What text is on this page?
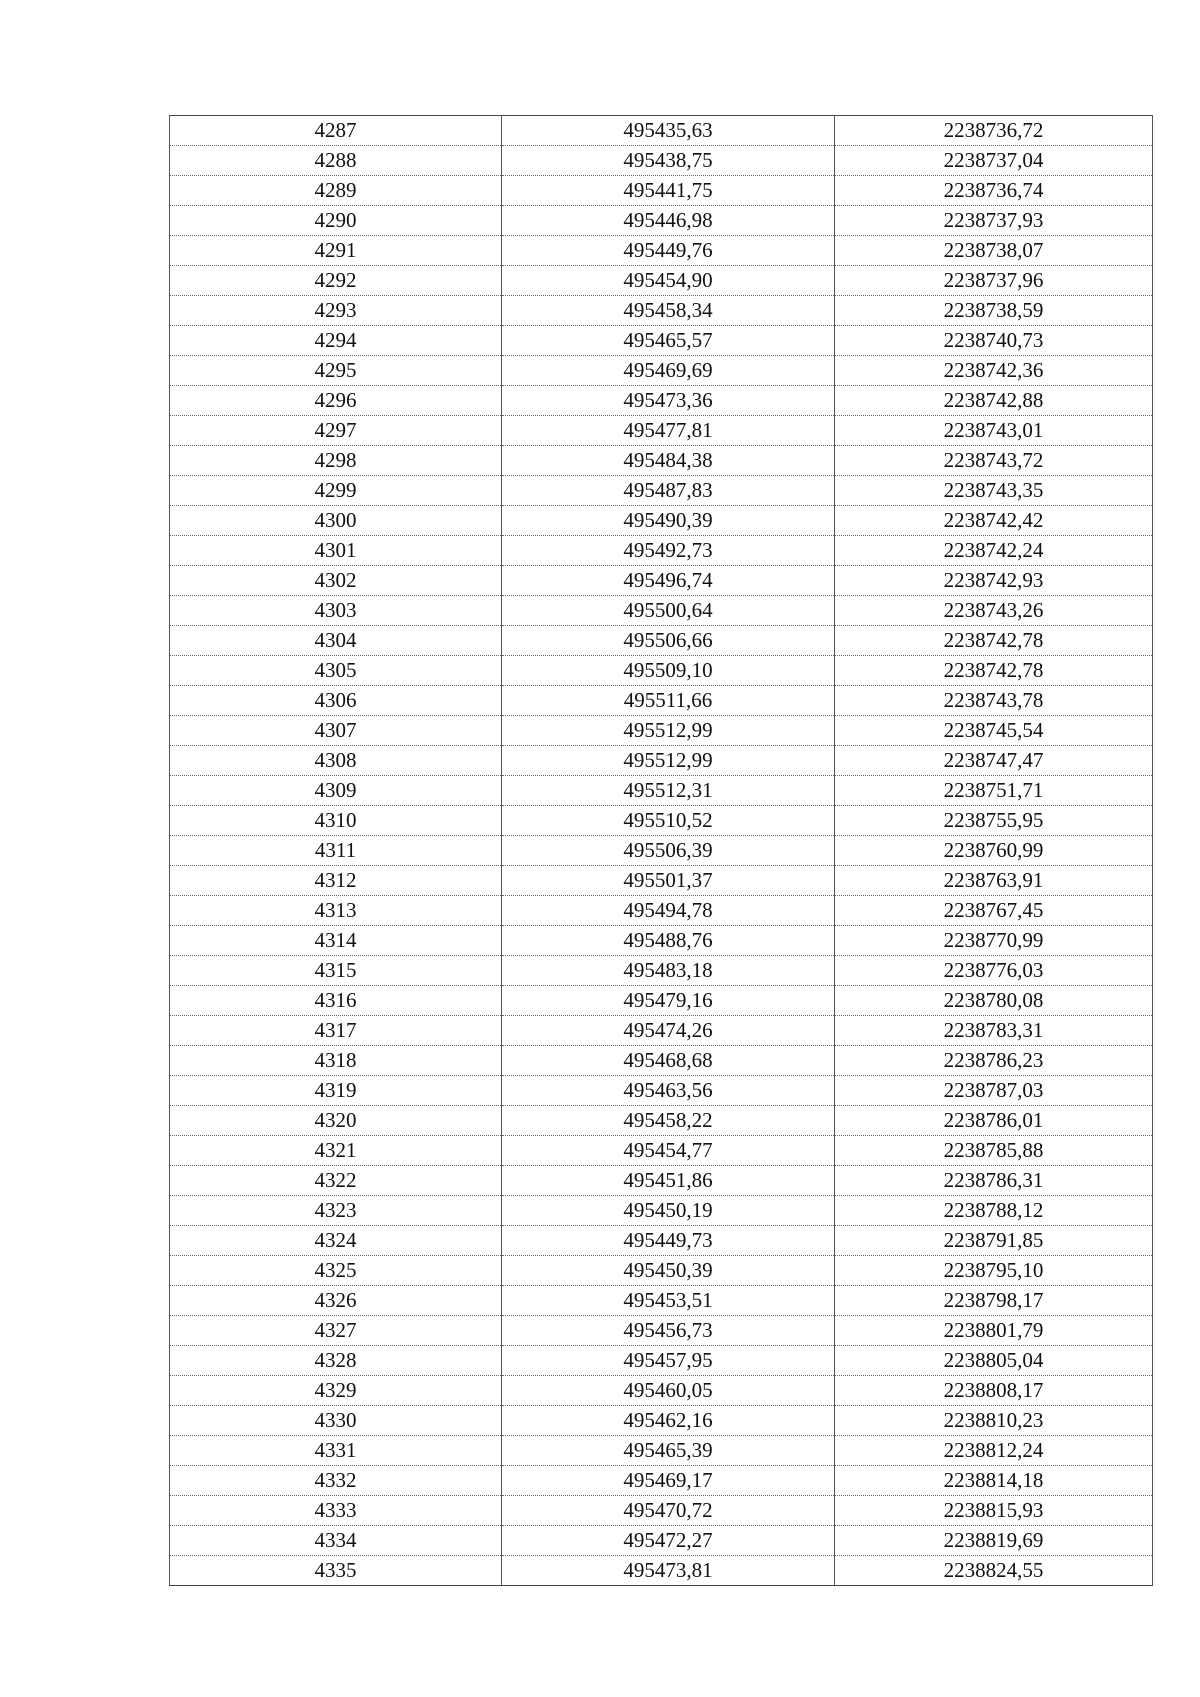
4287	495435,63	2238736,72
4288	495438,75	2238737,04
4289	495441,75	2238736,74
4290	495446,98	2238737,93
4291	495449,76	2238738,07
4292	495454,90	2238737,96
4293	495458,34	2238738,59
4294	495465,57	2238740,73
4295	495469,69	2238742,36
4296	495473,36	2238742,88
4297	495477,81	2238743,01
4298	495484,38	2238743,72
4299	495487,83	2238743,35
4300	495490,39	2238742,42
4301	495492,73	2238742,24
4302	495496,74	2238742,93
4303	495500,64	2238743,26
4304	495506,66	2238742,78
4305	495509,10	2238742,78
4306	495511,66	2238743,78
4307	495512,99	2238745,54
4308	495512,99	2238747,47
4309	495512,31	2238751,71
4310	495510,52	2238755,95
4311	495506,39	2238760,99
4312	495501,37	2238763,91
4313	495494,78	2238767,45
4314	495488,76	2238770,99
4315	495483,18	2238776,03
4316	495479,16	2238780,08
4317	495474,26	2238783,31
4318	495468,68	2238786,23
4319	495463,56	2238787,03
4320	495458,22	2238786,01
4321	495454,77	2238785,88
4322	495451,86	2238786,31
4323	495450,19	2238788,12
4324	495449,73	2238791,85
4325	495450,39	2238795,10
4326	495453,51	2238798,17
4327	495456,73	2238801,79
4328	495457,95	2238805,04
4329	495460,05	2238808,17
4330	495462,16	2238810,23
4331	495465,39	2238812,24
4332	495469,17	2238814,18
4333	495470,72	2238815,93
4334	495472,27	2238819,69
4335	495473,81	2238824,55
